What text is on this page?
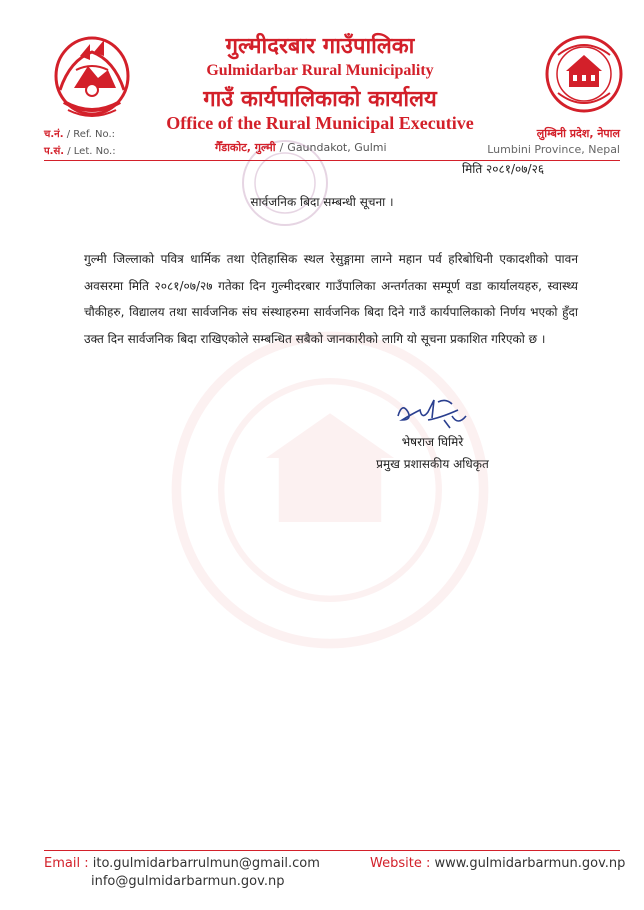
गुल्मीदरबार गाउँपालिका
Gulmidarbar Rural Municipality
गाउँ कार्यपालिकाको कार्यालय
Office of the Rural Municipal Executive
गैँडाकोट, गुल्मी / Gaundakot, Gulmi
च.नं. / Ref. No.:
प.सं. / Let. No.:
लुम्बिनी प्रदेश, नेपाल
Lumbini Province, Nepal
मिति २०८१/०७/२६
सार्वजनिक बिदा सम्बन्धी सूचना ।
गुल्मी जिल्लाको पवित्र धार्मिक तथा ऐतिहासिक स्थल रेसुङ्गामा लाग्ने महान पर्व हरिबोधिनी एकादशीको पावन अवसरमा मिति २०८१/०७/२७ गतेका दिन गुल्मीदरबार गाउँपालिका अन्तर्गतका सम्पूर्ण वडा कार्यालयहरु, स्वास्थ्य चौकीहरु, विद्यालय तथा सार्वजनिक संघ संस्थाहरुमा सार्वजनिक बिदा दिने गाउँ कार्यपालिकाको निर्णय भएको हुँदा उक्त दिन सार्वजनिक बिदा राखिएकोले सम्बन्धित सबैको जानकारीको लागि यो सूचना प्रकाशित गरिएको छ ।
भेषराज घिमिरे
प्रमुख प्रशासकीय अधिकृत
Email : ito.gulmidarbarrulmun@gmail.com
info@gulmidarbarmun.gov.np
Website : www.gulmidarbarmun.gov.np
